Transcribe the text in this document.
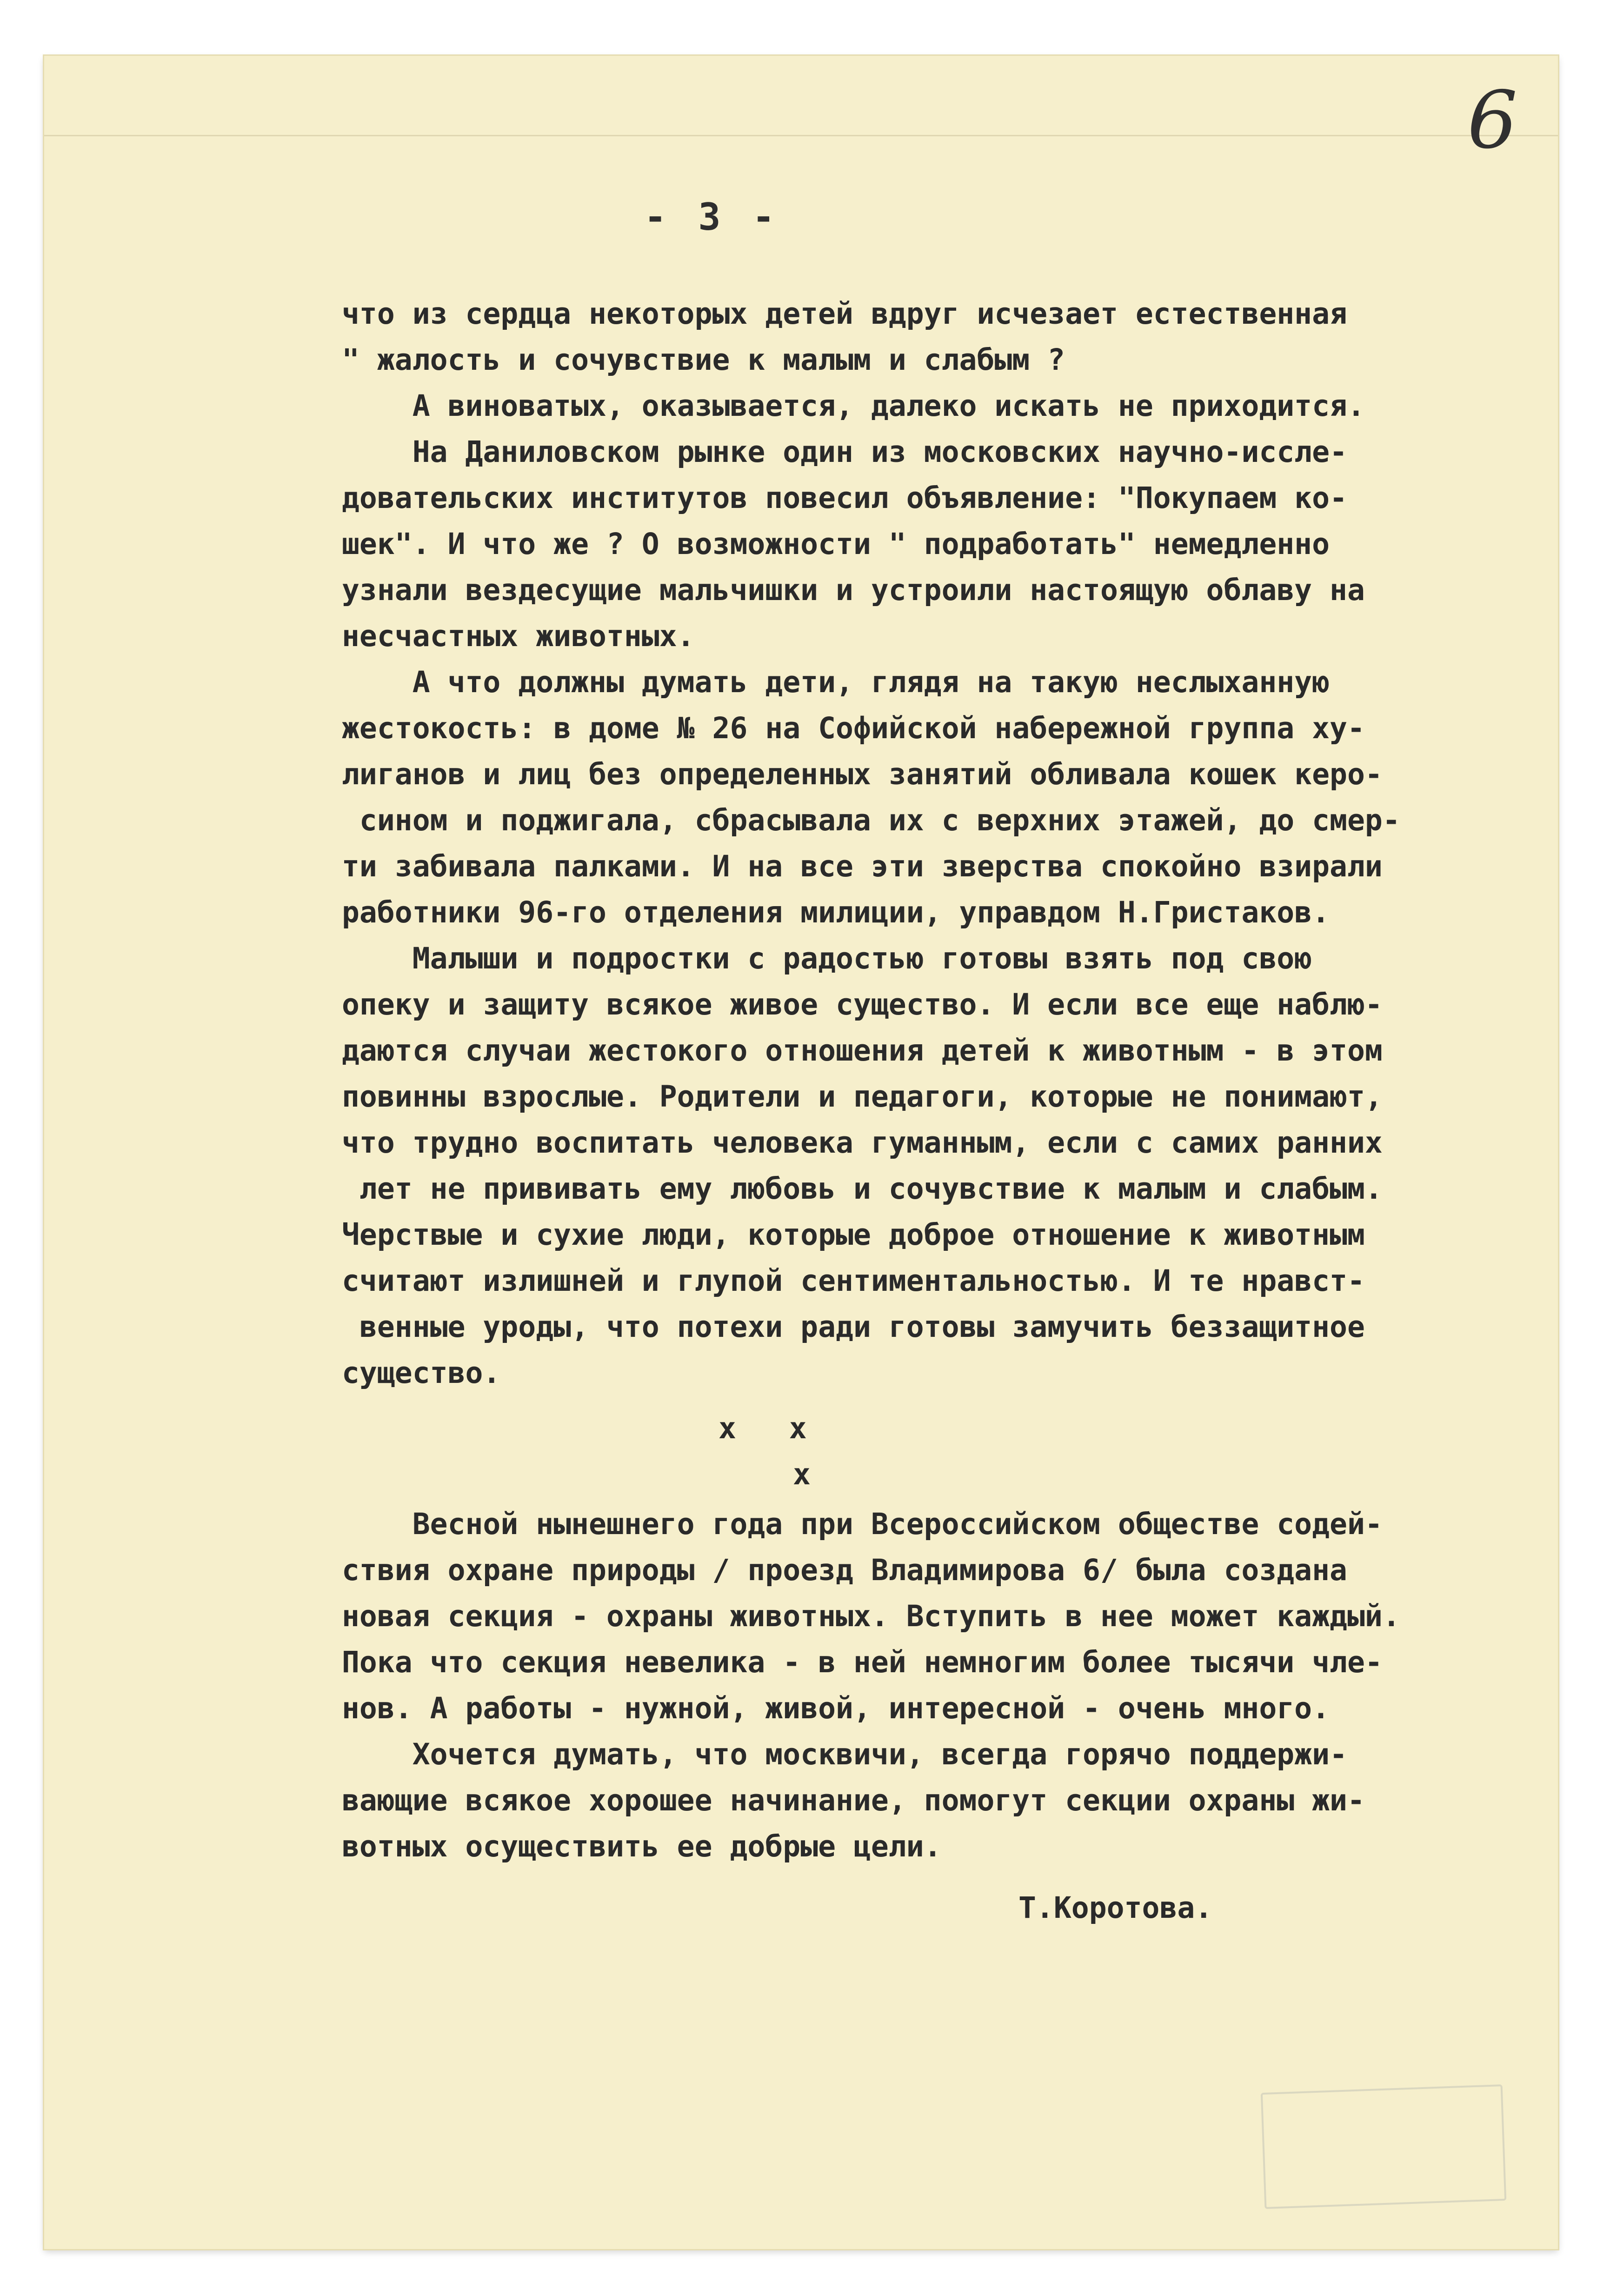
6
- 3 -
что из сердца некоторых детей вдруг исчезает естественная
" жалость и сочувствие к малым и слабым ?
А виноватых, оказывается, далеко искать не приходится.
На Даниловском рынке один из московских научно-иссле-
довательских институтов повесил объявление: "Покупаем ко-
шек". И что же ? О возможности " подработать" немедленно
узнали вездесущие мальчишки и устроили настоящую облаву на
несчастных животных.
А что должны думать дети, глядя на такую неслыханную
жестокость: в доме № 26 на Софийской набережной группа ху-
лиганов и лиц без определенных занятий обливала кошек керо-
сином и поджигала, сбрасывала их с верхних этажей, до смер-
ти забивала палками. И на все эти зверства спокойно взирали
работники 96-го отделения милиции, управдом Н.Гристаков.
Малыши и подростки с радостью готовы взять под свою
опеку и защиту всякое живое существо. И если все еще наблю-
даются случаи жестокого отношения детей к животным - в этом
повинны взрослые. Родители и педагоги, которые не понимают,
что трудно воспитать человека гуманным, если с самих ранних
лет не прививать ему любовь и сочувствие к малым и слабым.
Черствые и сухие люди, которые доброе отношение к животным
считают излишней и глупой сентиментальностью. И те нравст-
венные уроды, что потехи ради готовы замучить беззащитное
существо.
x   x
x
Весной нынешнего года при Всероссийском обществе содей-
ствия охране природы / проезд Владимирова 6/ была создана
новая секция - охраны животных. Вступить в нее может каждый.
Пока что секция невелика - в ней немногим более тысячи чле-
нов. А работы - нужной, живой, интересной - очень много.
Хочется думать, что москвичи, всегда горячо поддержи-
вающие всякое хорошее начинание, помогут секции охраны жи-
вотных осуществить ее добрые цели.
Т.Коротова.
